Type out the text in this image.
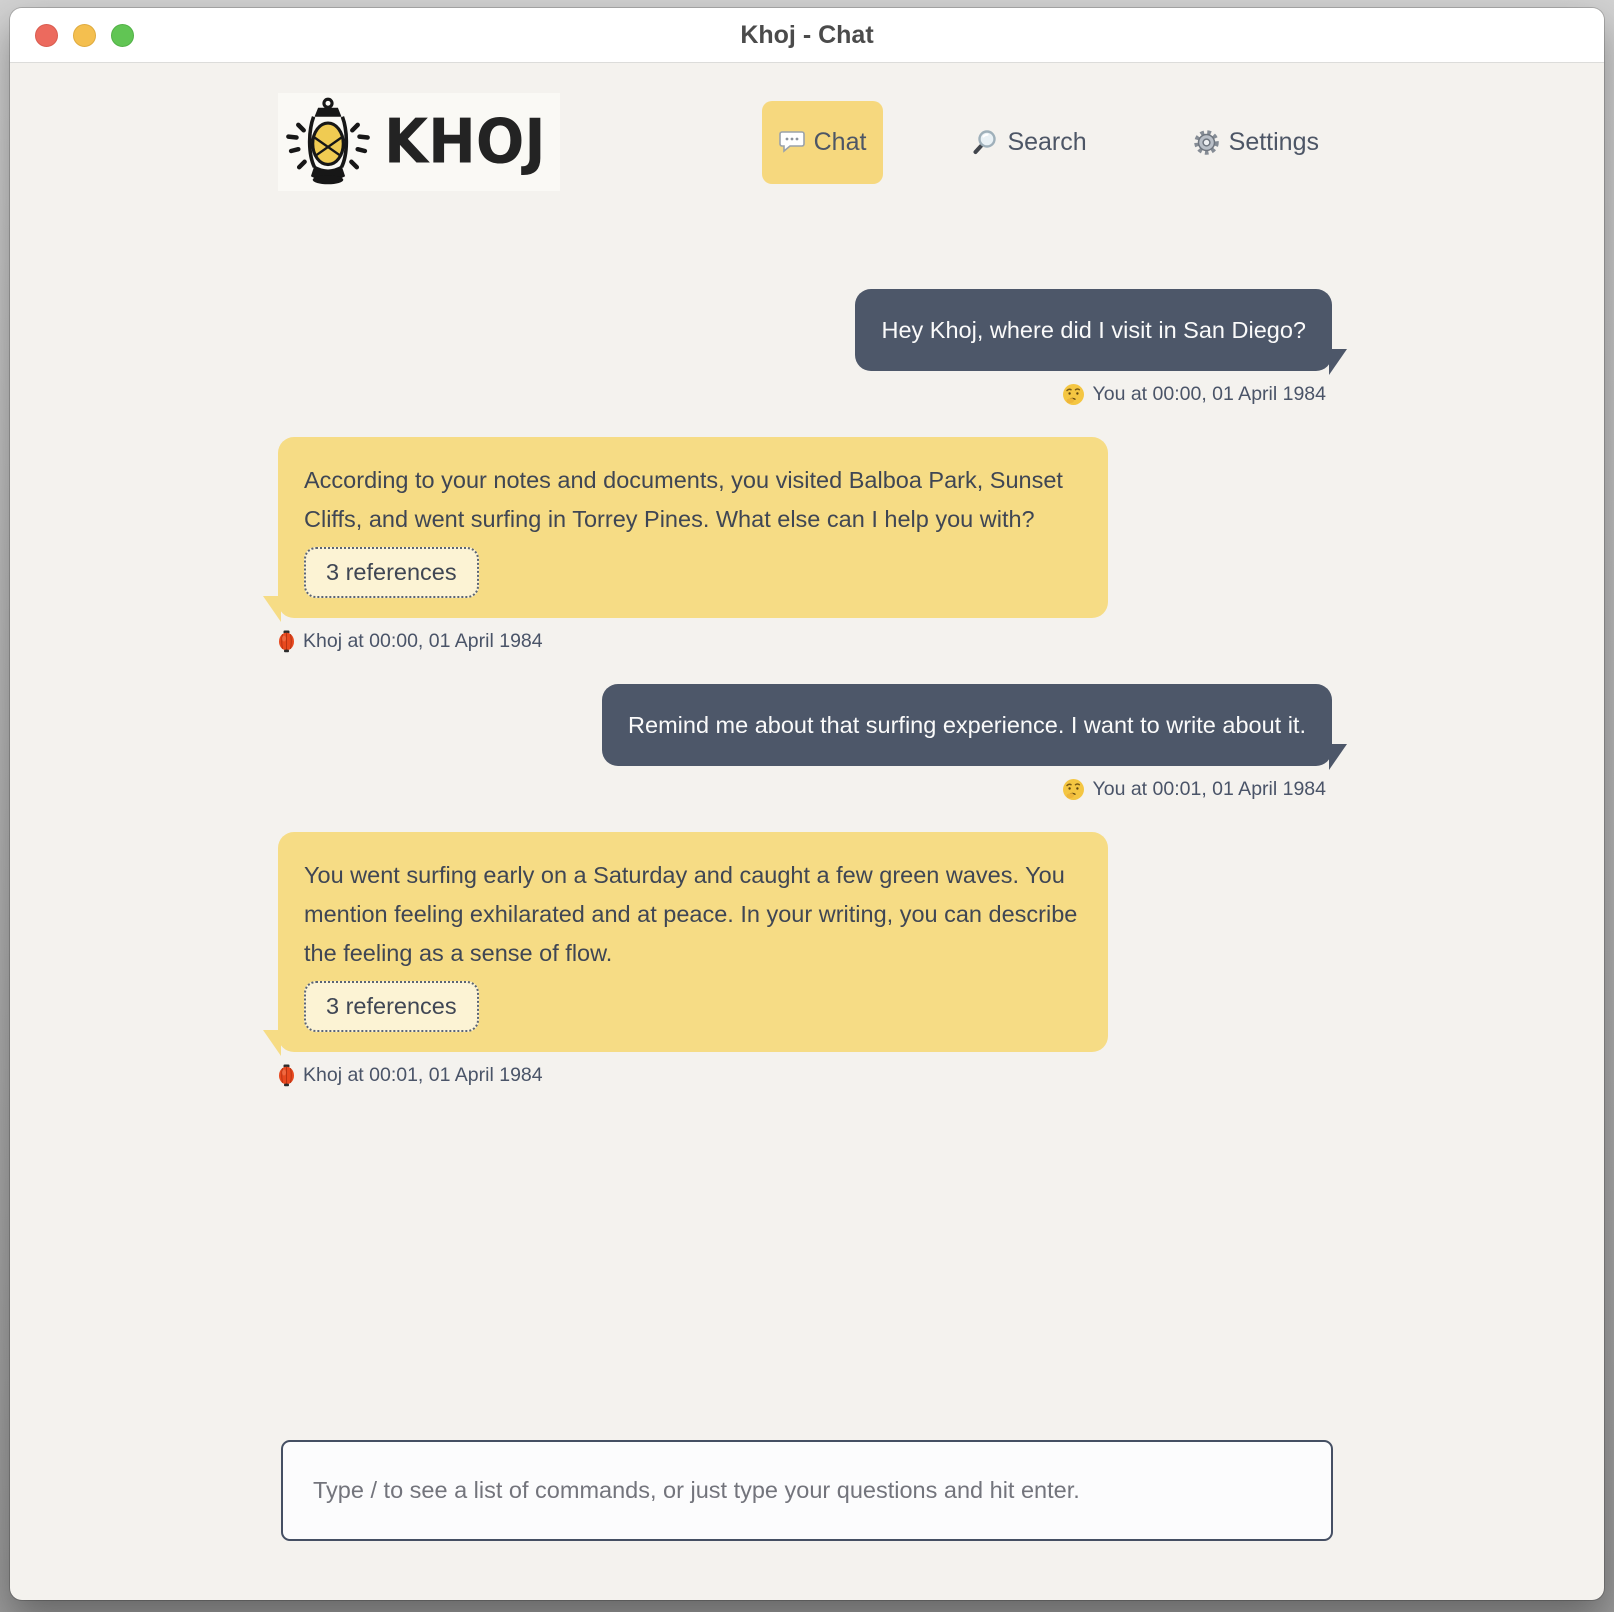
Khoj - Chat
KHOJ	Chat	Search	Settings
Hey Khoj, where did I visit in San Diego?
You at 00:00, 01 April 1984
According to your notes and documents, you visited Balboa Park, Sunset Cliffs, and went surfing in Torrey Pines. What else can I help you with?
3 references
Khoj at 00:00, 01 April 1984
Remind me about that surfing experience. I want to write about it.
You at 00:01, 01 April 1984
You went surfing early on a Saturday and caught a few green waves. You mention feeling exhilarated and at peace. In your writing, you can describe the feeling as a sense of flow.
3 references
Khoj at 00:01, 01 April 1984
Type / to see a list of commands, or just type your questions and hit enter.
